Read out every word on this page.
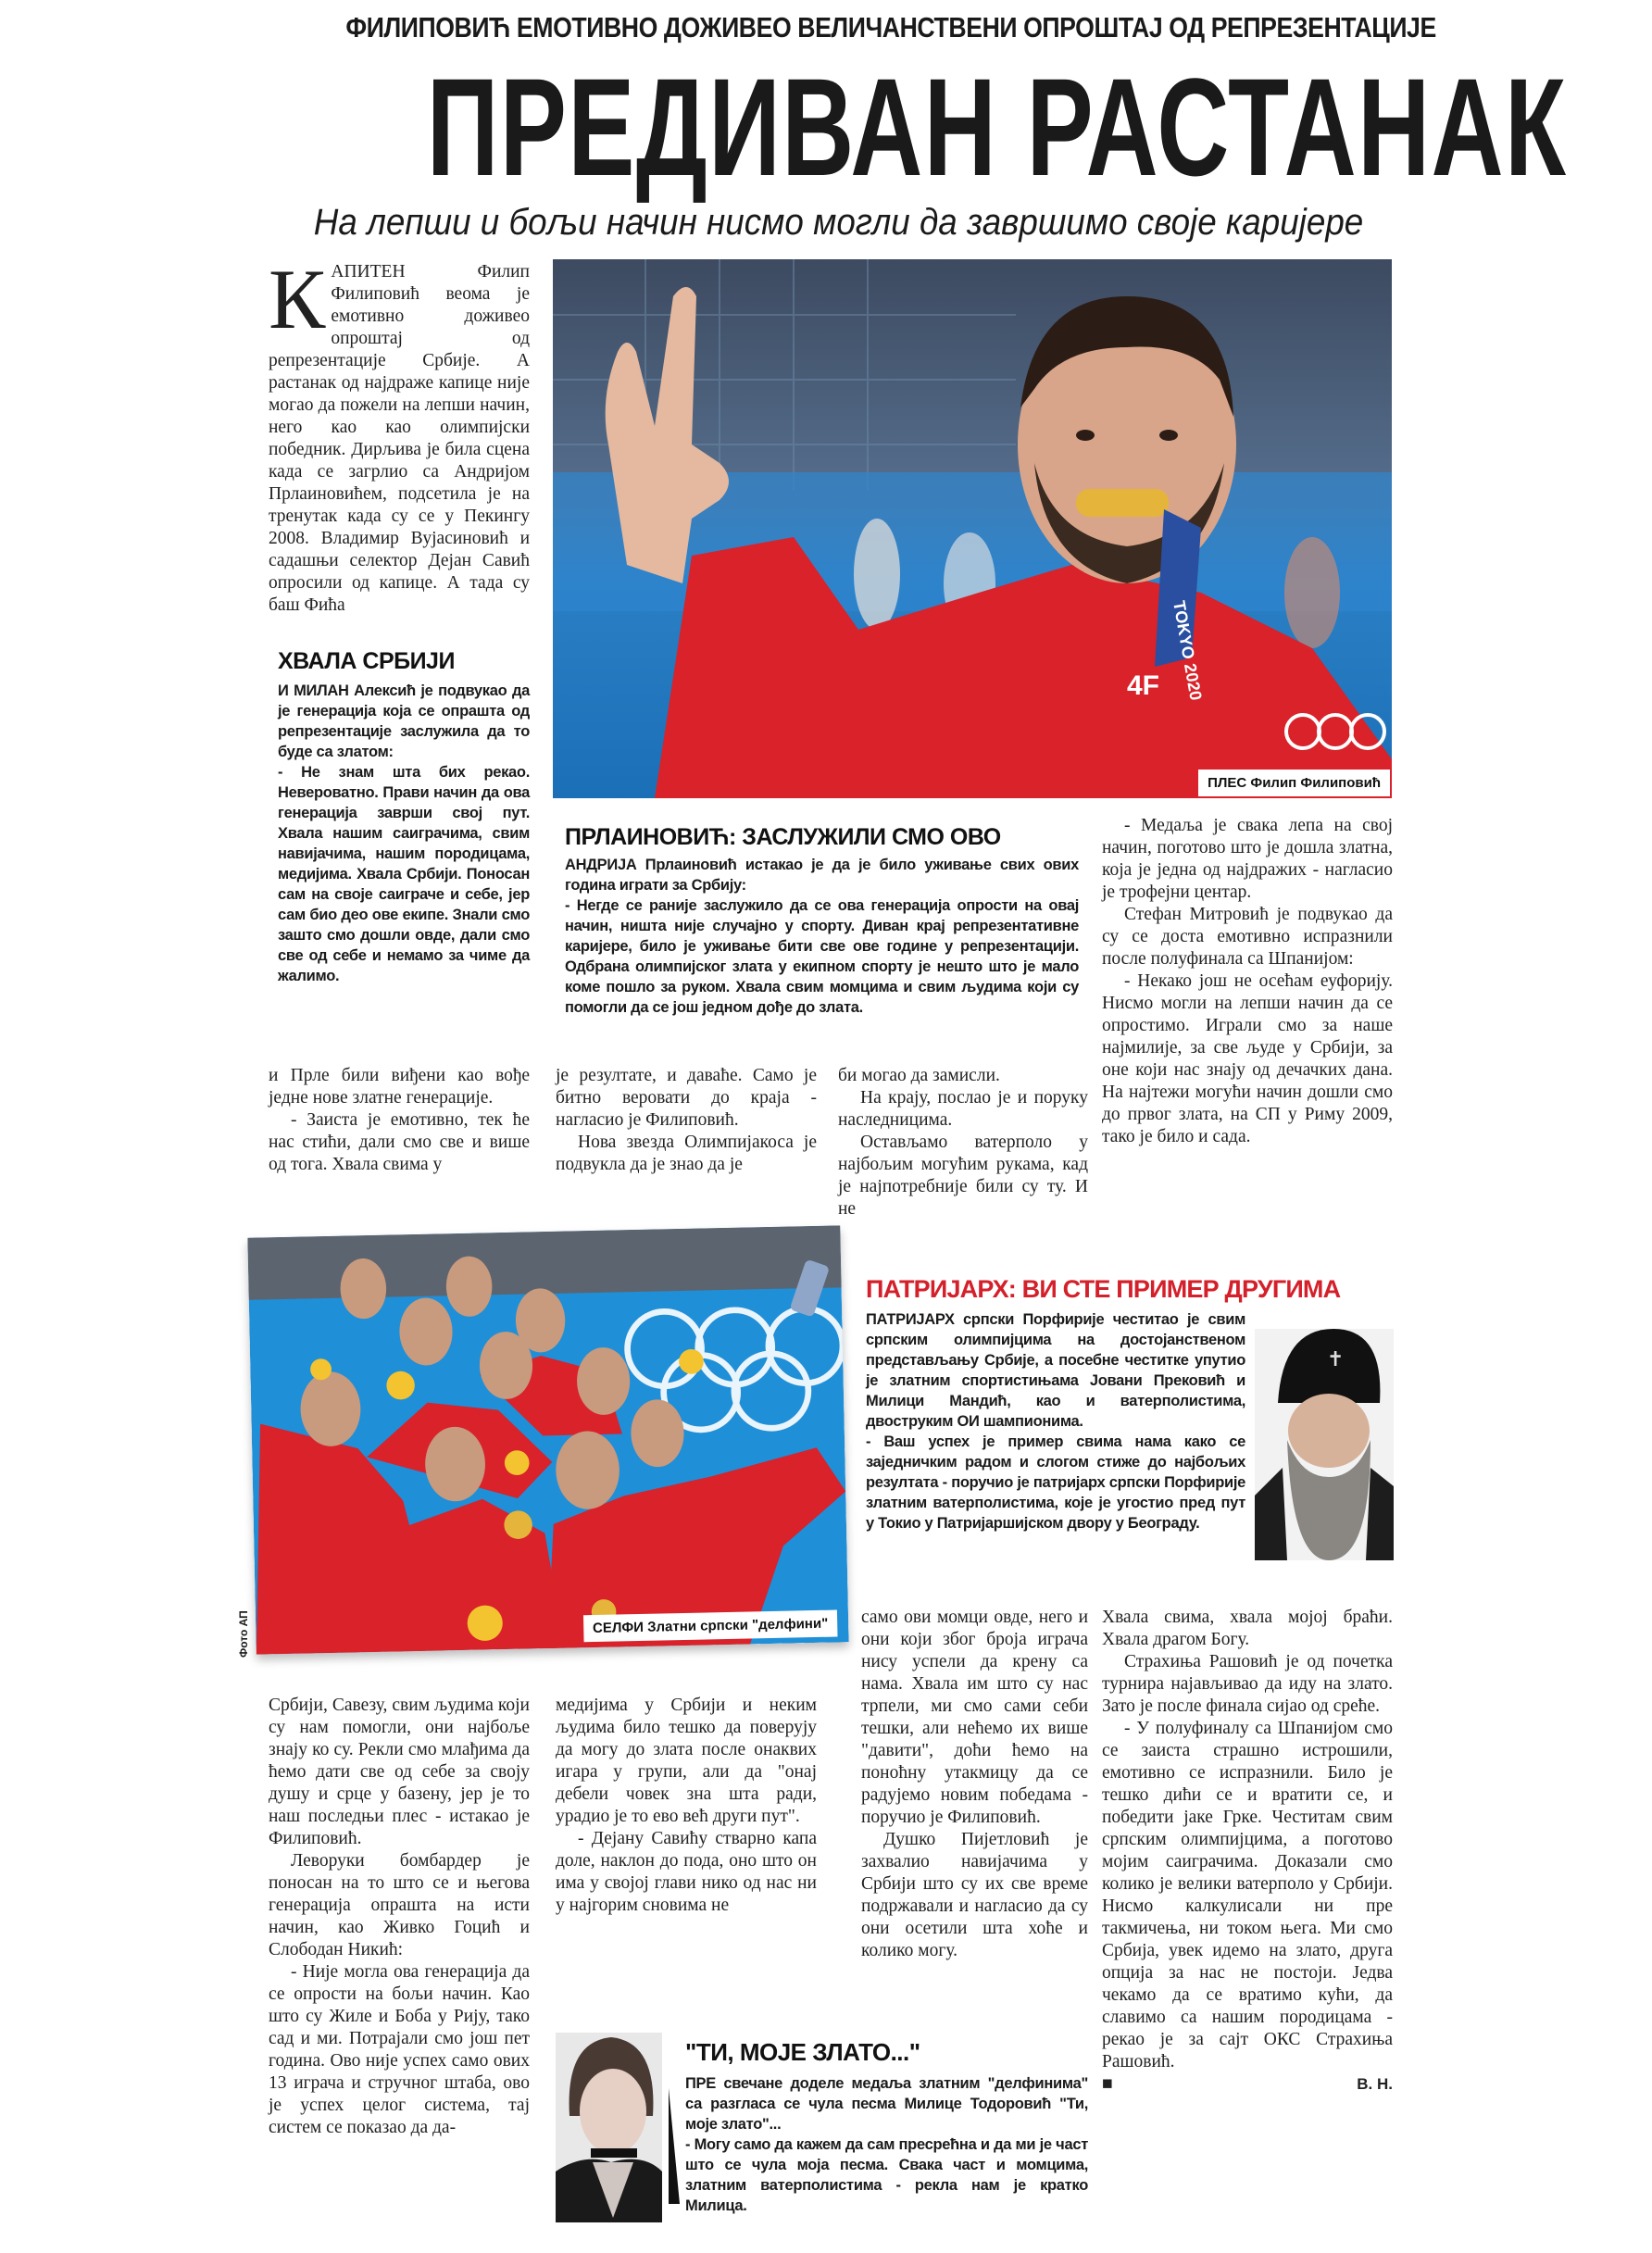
ФИЛИПОВИЋ ЕМОТИВНО ДОЖИВЕО ВЕЛИЧАНСТВЕНИ ОПРОШТАЈ ОД РЕПРЕЗЕНТАЦИЈЕ
ПРЕДИВАН РАСТАНАК
На лепши и бољи начин нисмо могли да завршимо своје каријере
КАПИТЕН Филип Филиповић веома је емотивно доживео опроштај од репрезентације Србије. А растанак од најдраже капице није могао да пожели на лепши начин, него као као олимпијски победник. Дирљива је била сцена када се загрлио са Андријом Прлаиновићем, подсетила је на тренутак када су се у Пекингу 2008. Владимир Вујасиновић и садашњи селектор Дејан Савић опросили од капице. А тада су баш Фића
ХВАЛА СРБИЈИ

И МИЛАН Алексић је подвукао да је генерација која се опрашта од репрезентације заслужила да то буде са златом:

- Не знам шта бих рекао. Невероватно. Прави начин да ова генерација заврши свој пут. Хвала нашим саиграчима, свим навијачима, нашим породицама, медијима. Хвала Србији. Поносан сам на своје саиграче и себе, јер сам био део ове екипе. Знали смо зашто смо дошли овде, дали смо све од себе и немамо за чиме да жалимо.

TOKYO 2020
4F
ПЛЕС Филип Филиповић
ПРЛАИНОВИЋ: ЗАСЛУЖИЛИ СМО ОВО

АНДРИЈА Прлаиновић истакао је да је било уживање свих ових година играти за Србију:

- Негде се раније заслужило да се ова генерација опрости на овај начин, ништа није случајно у спорту. Диван крај репрезентативне каријере, било је уживање бити све ове године у репрезентацији. Одбрана олимпијског злата у екипном спорту је нешто што је мало коме пошло за руком. Хвала свим момцима и свим људима који су помогли да се још једном дође до злата.

- Медаља је свака лепа на свој начин, поготово што је дошла златна, која је једна од најдражих - нагласио је трофејни центар.

Стефан Митровић је подвукао да су се доста емотивно испразнили после полуфинала са Шпанијом:

- Некако још не осећам еуфорију. Нисмо могли на лепши начин да се опростимо. Играли смо за наше најмилије, за све људе у Србији, за оне који нас знају од дечачких дана. На најтежи могући начин дошли смо до првог злата, на СП у Риму 2009, тако је било и сада.

и Прле били виђени као вође једне нове златне генерације.

- Заиста је емотивно, тек ће нас стићи, дали смо све и више од тога. Хвала свима у

је резултате, и даваће. Само је битно веровати до краја - нагласио је Филиповић.

Нова звезда Олимпијакоса је подвукла да је знао да је

би могао да замисли.

На крају, послао је и поруку наследницима.

Остављамо ватерполо у најбољим могућим рукама, кад је најпотребније били су ту. И не

СЕЛФИ Златни српски "делфини"
Фото АП
ПАТРИЈАРХ: ВИ СТЕ ПРИМЕР ДРУГИМА

ПАТРИЈАРХ српски Порфирије честитао је свим српским олимпијцима на достојанственом представљању Србије, а посебне честитке упутио је златним спортистињама Јовани Прековић и Милици Мандић, као и ватерполистима, двоструким ОИ шампионима.

- Ваш успех је пример свима нама како се заједничким радом и слогом стиже до најбољих резултата - поручио је патријарх српски Порфирије златним ватерполистима, које је угостио пред пут у Токио у Патријаршијском двору у Београду.

✝

Србији, Савезу, свим људима који су нам помогли, они најбоље знају ко су. Рекли смо млађима да ћемо дати све од себе за своју душу и срце у базену, јер је то наш последњи плес - истакао је Филиповић.

Леворуки бомбардер је поносан на то што се и његова генерација опрашта на исти начин, као Живко Гоцић и Слободан Никић:

- Није могла ова генерација да се опрости на бољи начин. Као што су Жиле и Боба у Рију, тако сад и ми. Потрајали смо још пет година. Ово није успех само ових 13 играча и стручног штаба, ово је успех целог система, тај систем се показао да да-

медијима у Србији и неким људима било тешко да поверују да могу до злата после онаквих игара у групи, али да "онај дебели човек зна шта ради, урадио је то ево већ други пут".

- Дејану Савићу стварно капа доле, наклон до пода, оно што он има у својој глави нико од нас ни у најгорим сновима не

само ови момци овде, него и они који због броја играча нису успели да крену са нама. Хвала им што су нас трпели, ми смо сами себи тешки, али нећемо их више "давити", доћи ћемо на поноћну утакмицу да се радујемо новим победама - поручио је Филиповић.

Душко Пијетловић је захвалио навијачима у Србији што су их све време подржавали и нагласио да су они осетили шта хоће и колико могу.

Хвала свима, хвала мојој браћи. Хвала драгом Богу.

Страхиња Рашовић је од почетка турнира најављивао да иду на злато. Зато је после финала сијао од среће.

- У полуфиналу са Шпанијом смо се заиста страшно истрошили, емотивно се испразнили. Било је тешко дићи се и вратити се, и победити јаке Грке. Честитам свим српским олимпијцима, а поготово мојим саиграчима. Доказали смо колико је велики ватерполо у Србији. Нисмо калкулисали ни пре такмичења, ни током њега. Ми смо Србија, увек идемо на злато, друга опција за нас не постоји. Једва чекамо да се вратимо кући, да славимо са нашим породицама - рекао је за сајт ОКС Страхиња Рашовић.

■	В. Н.

"ТИ, МОЈЕ ЗЛАТО..."

ПРЕ свечане доделе медаља златним "делфинима" са разгласа се чула песма Милице Тодоровић "Ти, моје злато"...

- Могу само да кажем да сам пресрећна и да ми је част што се чула моја песма. Свака част и момцима, златним ватерполистима - рекла нам је кратко Милица.
